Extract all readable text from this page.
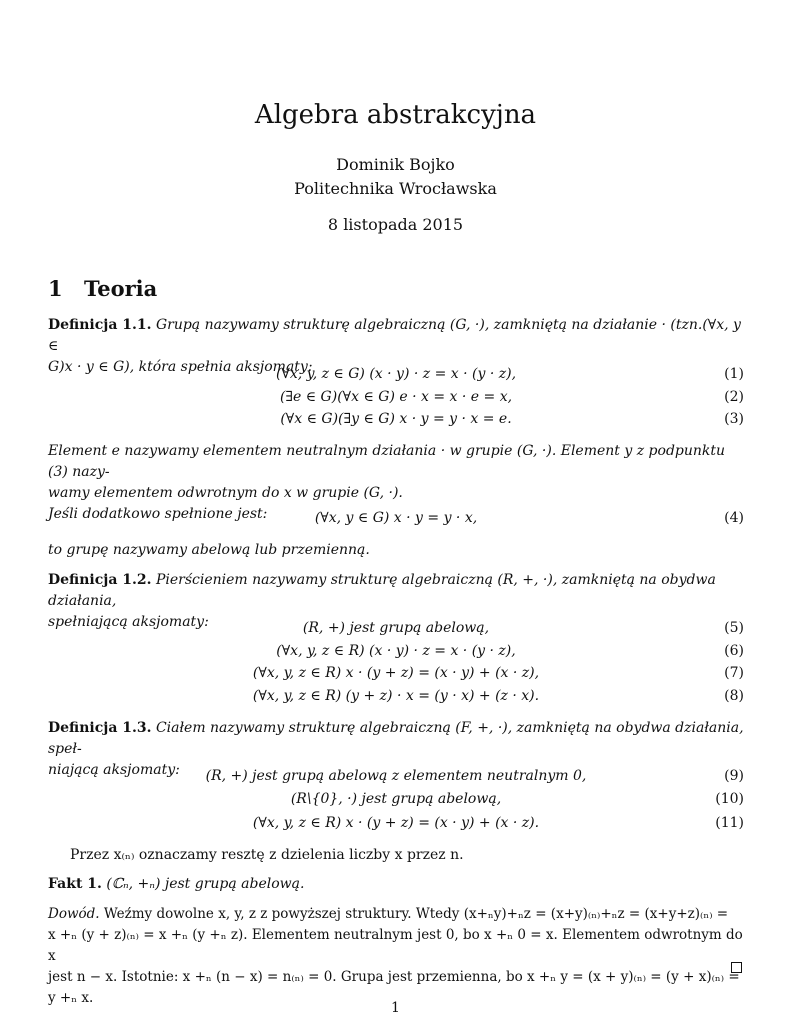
Algebra abstrakcyjna
Dominik Bojko
Politechnika Wrocławska
8 listopada 2015
1 Teoria
Definicja 1.1. Grupą nazywamy strukturę algebraiczną (G, ·), zamkniętą na działanie · (tzn.(∀x, y ∈
G)x · y ∈ G), która spełnia aksjomaty:
(∀x, y, z ∈ G) (x · y) · z = x · (y · z),	(1)
(∃e ∈ G)(∀x ∈ G) e · x = x · e = x,	(2)
(∀x ∈ G)(∃y ∈ G) x · y = y · x = e.	(3)
Element e nazywamy elementem neutralnym działania · w grupie (G, ·). Element y z podpunktu (3) nazy-
wamy elementem odwrotnym do x w grupie (G, ·).
Jeśli dodatkowo spełnione jest:	(∀x, y ∈ G) x · y = y · x,	(4)
to grupę nazywamy abelową lub przemienną.
Definicja 1.2. Pierścieniem nazywamy strukturę algebraiczną (R, +, ·), zamkniętą na obydwa działania,
spełniającą aksjomaty:	(R, +) jest grupą abelową,	(5)
(∀x, y, z ∈ R) (x · y) · z = x · (y · z),	(6)
(∀x, y, z ∈ R) x · (y + z) = (x · y) + (x · z),	(7)
(∀x, y, z ∈ R) (y + z) · x = (y · x) + (z · x).	(8)
Definicja 1.3. Ciałem nazywamy strukturę algebraiczną (F, +, ·), zamkniętą na obydwa działania, speł-
niającą aksjomaty:	(R, +) jest grupą abelową z elementem neutralnym 0,	(9)
(R\{0}, ·) jest grupą abelową,	(10)
(∀x, y, z ∈ R) x · (y + z) = (x · y) + (x · z).	(11)
Przez x₍ₙ₎ oznaczamy resztę z dzielenia liczby x przez n.
Fakt 1. (ℂₙ, +ₙ) jest grupą abelową.
Dowód. Weźmy dowolne x, y, z z powyższej struktury. Wtedy (x+ₙy)+ₙz = (x+y)₍ₙ₎+ₙz = (x+y+z)₍ₙ₎ =
x +ₙ (y + z)₍ₙ₎ = x +ₙ (y +ₙ z). Elementem neutralnym jest 0, bo x +ₙ 0 = x. Elementem odwrotnym do x
jest n − x. Istotnie: x +ₙ (n − x) = n₍ₙ₎ = 0. Grupa jest przemienna, bo x +ₙ y = (x + y)₍ₙ₎ = (y + x)₍ₙ₎ =
y +ₙ x.
1
